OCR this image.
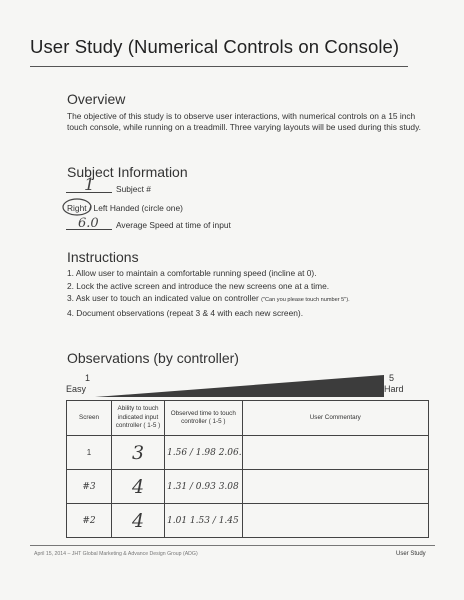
User Study (Numerical Controls on Console)
Overview
The objective of this study is to observe user interactions, with numerical controls on a 15 inch touch console, while running on a treadmill. Three varying layouts will be used during this study.
Subject Information
1	Subject #
Right / Left Handed (circle one)
6.0 Average Speed at time of input
Instructions
1. Allow user to maintain a comfortable running speed (incline at 0).
2. Lock the active screen and introduce the new screens one at a time.
3. Ask user to touch an indicated value on controller ("Can you please touch number 5").
4. Document observations (repeat 3 & 4 with each new screen).
Observations (by controller)
1
Easy
5
Hard
Screen	Ability to touch indicated input controller ( 1-5 )	Observed time to touch controller ( 1-5 )	User Commentary
1	3	1.56 / 1.98 2.06.	
#3	4	1.31 / 0.93 3.08	
#2	4	1.01 1.53 / 1.45	
April 15, 2014 – JHT Global Marketing & Advance Design Group (ADG)	User Study
